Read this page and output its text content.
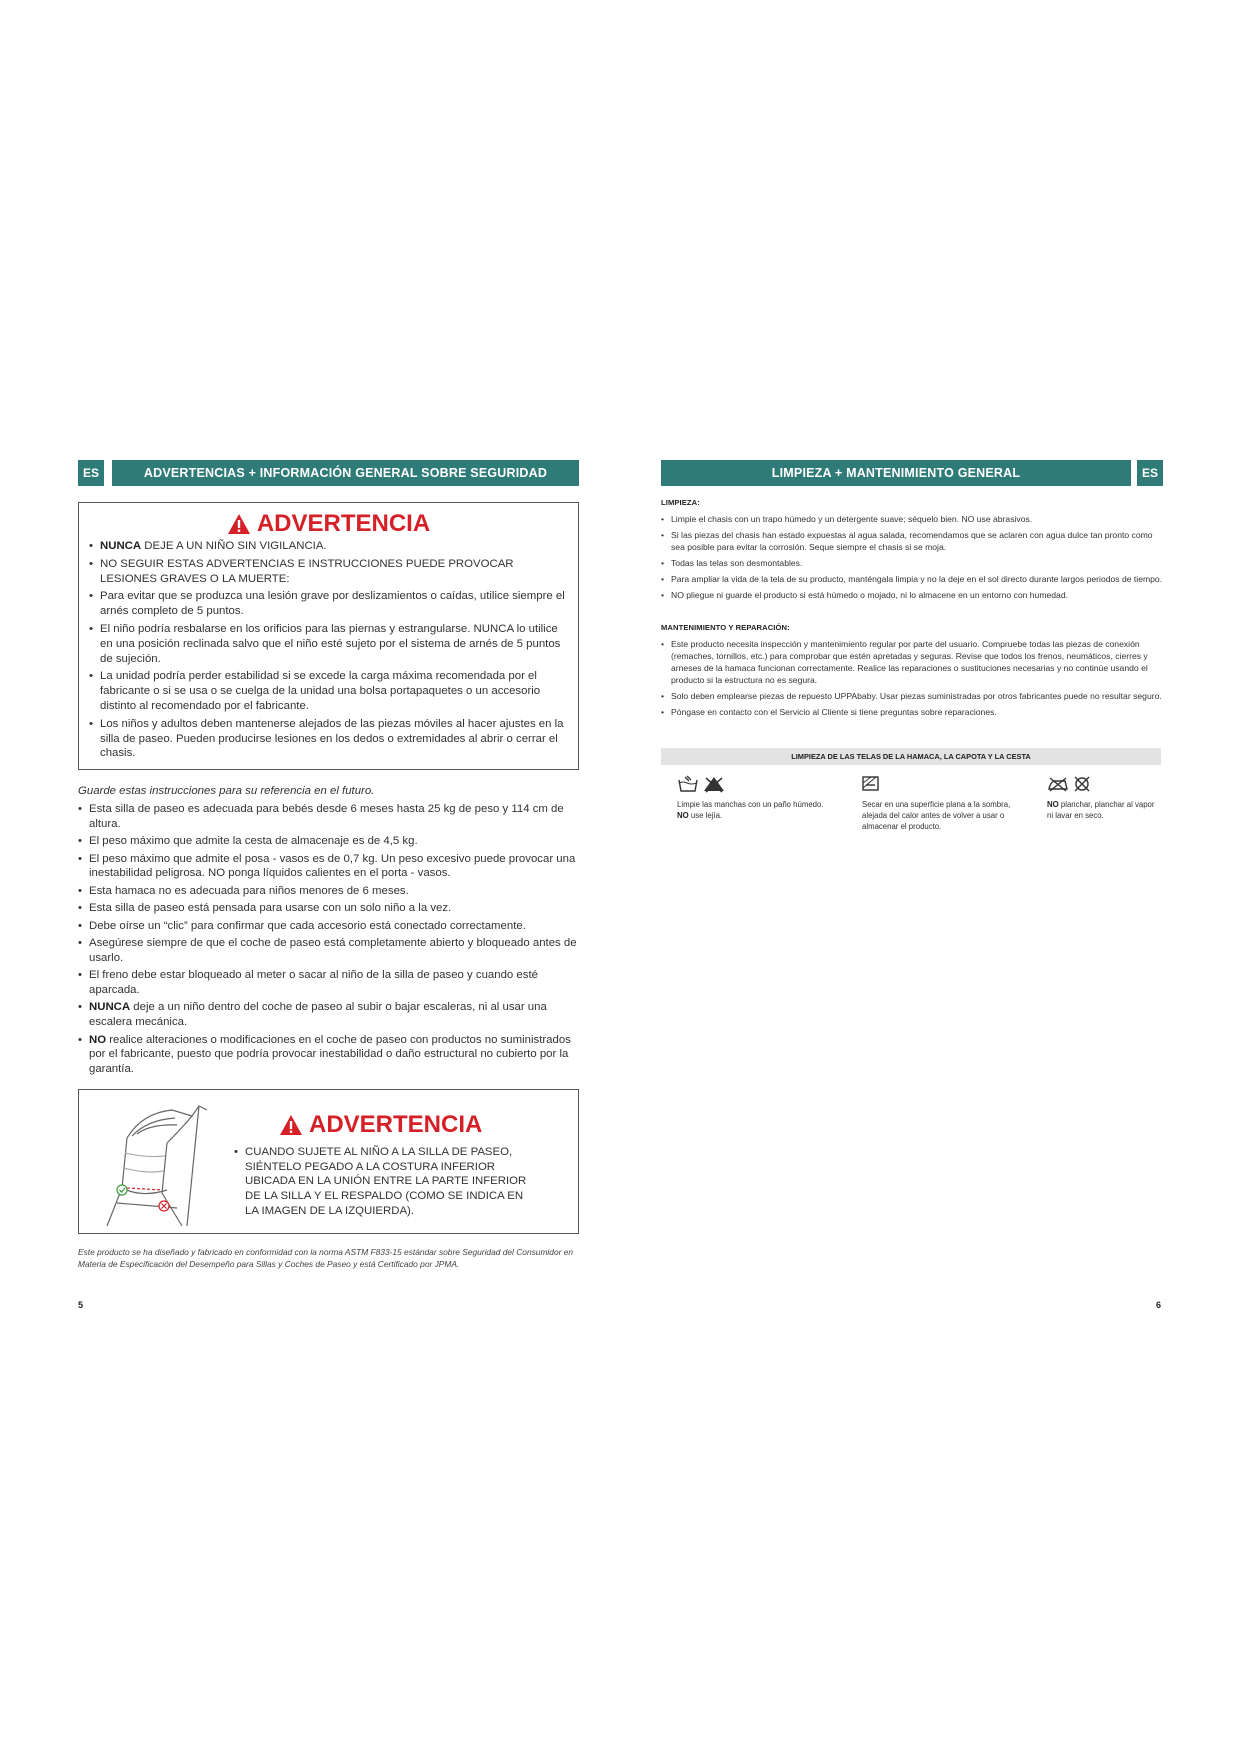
ES	ADVERTENCIAS + INFORMACIÓN GENERAL SOBRE SEGURIDAD
ADVERTENCIA
• NUNCA DEJE A UN NIÑO SIN VIGILANCIA.
• NO SEGUIR ESTAS ADVERTENCIAS E INSTRUCCIONES PUEDE PROVOCAR LESIONES GRAVES O LA MUERTE:
• Para evitar que se produzca una lesión grave por deslizamientos o caídas, utilice siempre el arnés completo de 5 puntos.
• El niño podría resbalarse en los orificios para las piernas y estrangularse. NUNCA lo utilice en una posición reclinada salvo que el niño esté sujeto por el sistema de arnés de 5 puntos de sujeción.
• La unidad podría perder estabilidad si se excede la carga máxima recomendada por el fabricante o si se usa o se cuelga de la unidad una bolsa portapaquetes o un accesorio distinto al recomendado por el fabricante.
• Los niños y adultos deben mantenerse alejados de las piezas móviles al hacer ajustes en la silla de paseo. Pueden producirse lesiones en los dedos o extremidades al abrir o cerrar el chasis.
Guarde estas instrucciones para su referencia en el futuro.
• Esta silla de paseo es adecuada para bebés desde 6 meses hasta 25 kg de peso y 114 cm de altura.
• El peso máximo que admite la cesta de almacenaje es de 4,5 kg.
• El peso máximo que admite el posa - vasos es de 0,7 kg. Un peso excesivo puede provocar una inestabilidad peligrosa. NO ponga líquidos calientes en el porta - vasos.
• Esta hamaca no es adecuada para niños menores de 6 meses.
• Esta silla de paseo está pensada para usarse con un solo niño a la vez.
• Debe oírse un “clic” para confirmar que cada accesorio está conectado correctamente.
• Asegúrese siempre de que el coche de paseo está completamente abierto y bloqueado antes de usarlo.
• El freno debe estar bloqueado al meter o sacar al niño de la silla de paseo y cuando esté aparcada.
• NUNCA deje a un niño dentro del coche de paseo al subir o bajar escaleras, ni al usar una escalera mecánica.
• NO realice alteraciones o modificaciones en el coche de paseo con productos no suministrados por el fabricante, puesto que podría provocar inestabilidad o daño estructural no cubierto por la garantía.
ADVERTENCIA
• CUANDO SUJETE AL NIÑO A LA SILLA DE PASEO, SIÉNTELO PEGADO A LA COSTURA INFERIOR UBICADA EN LA UNIÓN ENTRE LA PARTE INFERIOR DE LA SILLA Y EL RESPALDO (COMO SE INDICA EN LA IMAGEN DE LA IZQUIERDA).
Este producto se ha diseñado y fabricado en conformidad con la norma ASTM F833-15 estándar sobre Seguridad del Consumidor en Materia de Especificación del Desempeño para Sillas y Coches de Paseo y está Certificado por JPMA.
5
LIMPIEZA + MANTENIMIENTO GENERAL	ES
LIMPIEZA:
• Limpie el chasis con un trapo húmedo y un detergente suave; séquelo bien. NO use abrasivos.
• Si las piezas del chasis han estado expuestas al agua salada, recomendamos que se aclaren con agua dulce tan pronto como sea posible para evitar la corrosión. Seque siempre el chasis si se moja.
• Todas las telas son desmontables.
• Para ampliar la vida de la tela de su producto, manténgala limpia y no la deje en el sol directo durante largos periodos de tiempo.
• NO pliegue ni guarde el producto si está húmedo o mojado, ni lo almacene en un entorno con humedad.
MANTENIMIENTO Y REPARACIÓN:
• Este producto necesita inspección y mantenimiento regular por parte del usuario. Compruebe todas las piezas de conexión (remaches, tornillos, etc.) para comprobar que estén apretadas y seguras. Revise que todos los frenos, neumáticos, cierres y arneses de la hamaca funcionan correctamente. Realice las reparaciones o sustituciones necesarias y no continúe usando el producto si la estructura no es segura.
• Solo deben emplearse piezas de repuesto UPPAbaby. Usar piezas suministradas por otros fabricantes puede no resultar seguro.
• Póngase en contacto con el Servicio al Cliente si tiene preguntas sobre reparaciones.
LIMPIEZA DE LAS TELAS DE LA HAMACA, LA CAPOTA Y LA CESTA
Limpie las manchas con un paño húmedo.
NO use lejía.
Secar en una superficie plana a la sombra, alejada del calor antes de volver a usar o almacenar el producto.
NO planchar, planchar al vapor ni lavar en seco.
6
